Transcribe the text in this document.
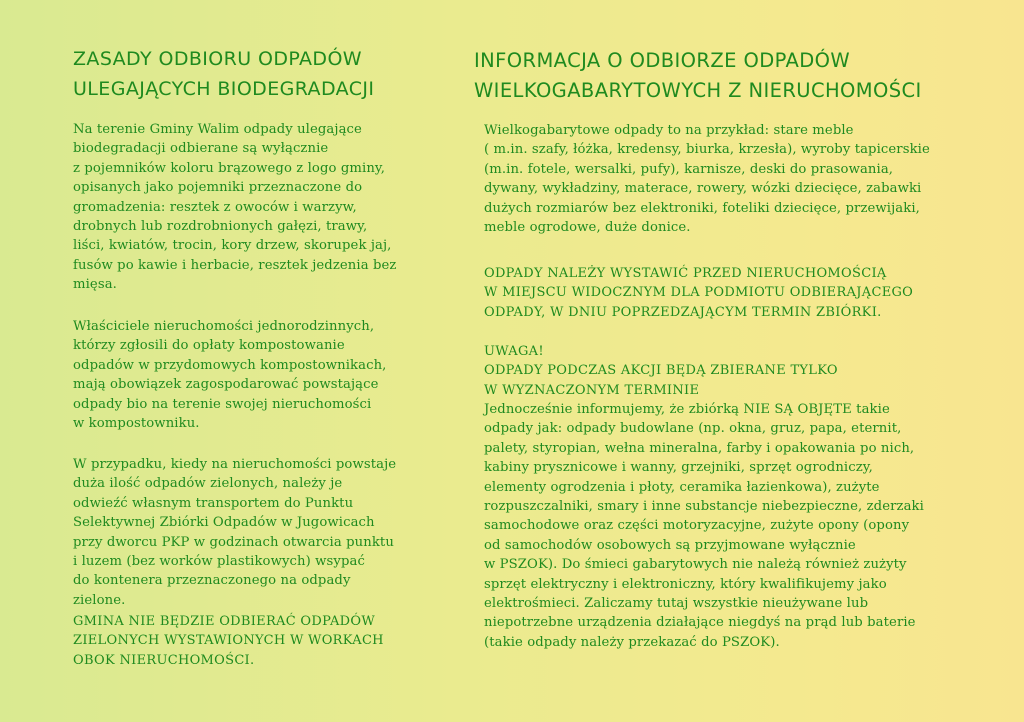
ZASADY ODBIORU ODPADÓW
ULEGAJĄCYCH BIODEGRADACJI

Na terenie Gminy Walim odpady ulegające
biodegradacji odbierane są wyłącznie
z pojemników koloru brązowego z logo gminy,
opisanych jako pojemniki przeznaczone do
gromadzenia: resztek z owoców i warzyw,
drobnych lub rozdrobnionych gałęzi, trawy,
liści, kwiatów, trocin, kory drzew, skorupek jaj,
fusów po kawie i herbacie, resztek jedzenia bez
mięsa.

Właściciele nieruchomości jednorodzinnych,
którzy zgłosili do opłaty kompostowanie
odpadów w przydomowych kompostownikach,
mają obowiązek zagospodarować powstające
odpady bio na terenie swojej nieruchomości
w kompostowniku.

W przypadku, kiedy na nieruchomości powstaje
duża ilość odpadów zielonych, należy je
odwieźć własnym transportem do Punktu
Selektywnej Zbiórki Odpadów w Jugowicach
przy dworcu PKP w godzinach otwarcia punktu
i luzem (bez worków plastikowych) wsypać
do kontenera przeznaczonego na odpady
zielone.

GMINA NIE BĘDZIE ODBIERAĆ ODPADÓW
ZIELONYCH WYSTAWIONYCH W WORKACH
OBOK NIERUCHOMOŚCI.

INFORMACJA O ODBIORZE ODPADÓW
WIELKOGABARYTOWYCH Z NIERUCHOMOŚCI

Wielkogabarytowe odpady to na przykład: stare meble
( m.in. szafy, łóżka, kredensy, biurka, krzesła), wyroby tapicerskie
(m.in. fotele, wersalki, pufy), karnisze, deski do prasowania,
dywany, wykładziny, materace, rowery, wózki dziecięce, zabawki
dużych rozmiarów bez elektroniki, foteliki dziecięce, przewijaki,
meble ogrodowe, duże donice.

ODPADY NALEŻY WYSTAWIĆ PRZED NIERUCHOMOŚCIĄ
W MIEJSCU WIDOCZNYM DLA PODMIOTU ODBIERAJĄCEGO
ODPADY, W DNIU POPRZEDZAJĄCYM TERMIN ZBIÓRKI.

UWAGA!
ODPADY PODCZAS AKCJI BĘDĄ ZBIERANE TYLKO
W WYZNACZONYM TERMINIE

Jednocześnie informujemy, że zbiórką NIE SĄ OBJĘTE takie
odpady jak: odpady budowlane (np. okna, gruz, papa, eternit,
palety, styropian, wełna mineralna, farby i opakowania po nich,
kabiny prysznicowe i wanny, grzejniki, sprzęt ogrodniczy,
elementy ogrodzenia i płoty, ceramika łazienkowa), zużyte
rozpuszczalniki, smary i inne substancje niebezpieczne, zderzaki
samochodowe oraz części motoryzacyjne, zużyte opony (opony
od samochodów osobowych są przyjmowane wyłącznie
w PSZOK). Do śmieci gabarytowych nie należą również zużyty
sprzęt elektryczny i elektroniczny, który kwalifikujemy jako
elektrośmieci. Zaliczamy tutaj wszystkie nieużywane lub
niepotrzebne urządzenia działające niegdyś na prąd lub baterie
(takie odpady należy przekazać do PSZOK).
